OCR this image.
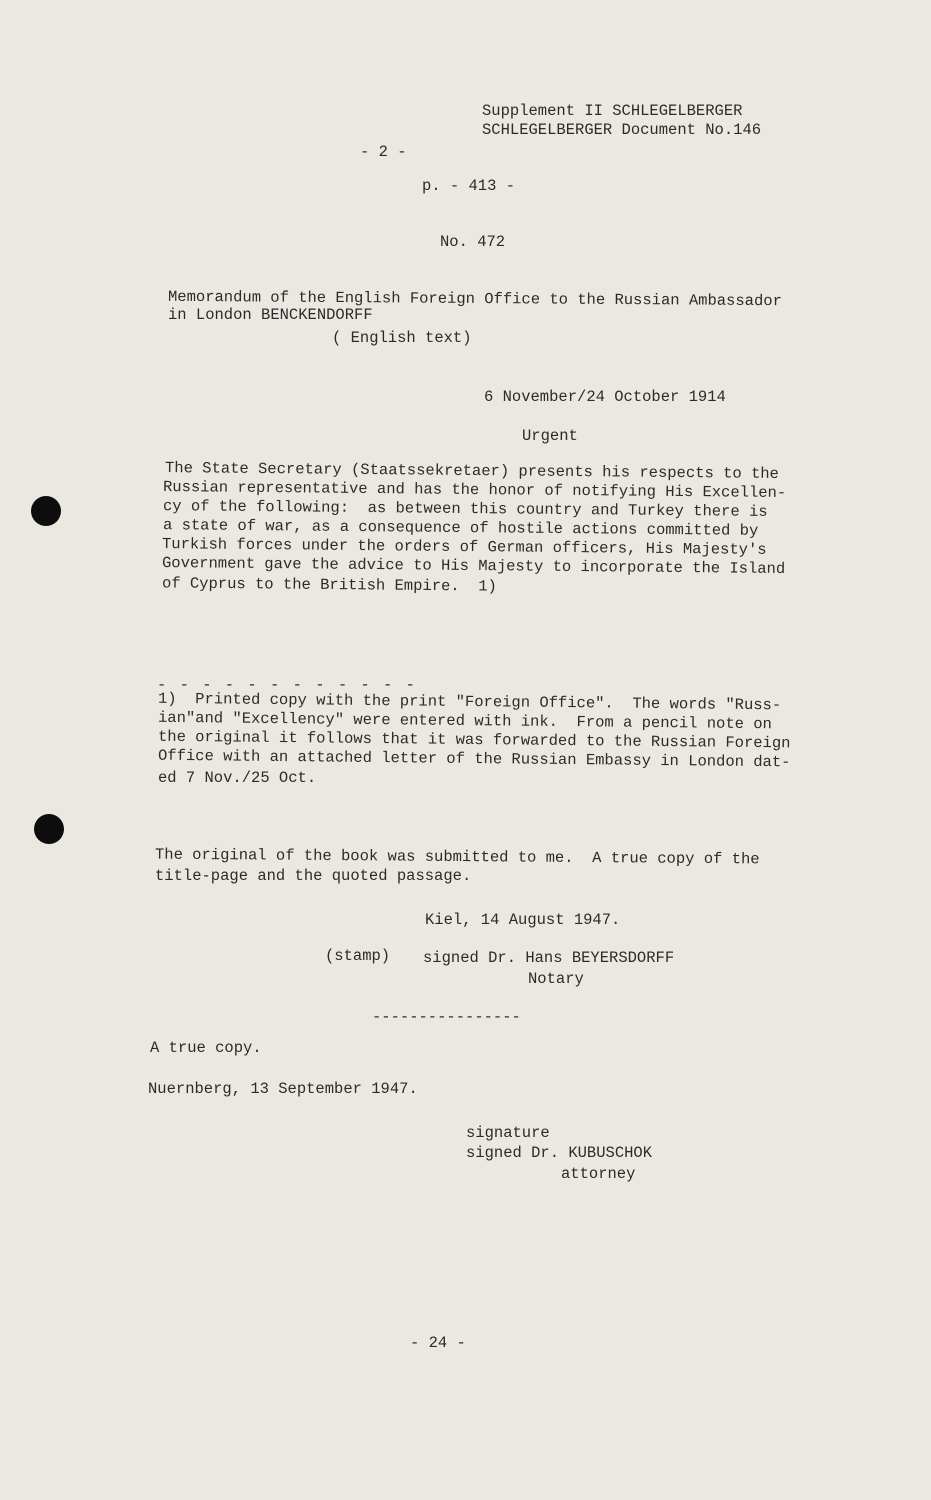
Supplement II SCHLEGELBERGER
SCHLEGELBERGER Document No.146
- 2 -
p. - 413 -
No. 472
Memorandum of the English Foreign Office to the Russian Ambassador
in London BENCKENDORFF
( English text)
6 November/24 October 1914
Urgent
The State Secretary (Staatssekretaer) presents his respects to the
Russian representative and has the honor of notifying His Excellen-
cy of the following:  as between this country and Turkey there is
a state of war, as a consequence of hostile actions committed by
Turkish forces under the orders of German officers, His Majesty's
Government gave the advice to His Majesty to incorporate the Island
of Cyprus to the British Empire.  1)
- - - - - - - - - - - -
1)  Printed copy with the print "Foreign Office".  The words "Russ-
ian"and "Excellency" were entered with ink.  From a pencil note on
the original it follows that it was forwarded to the Russian Foreign
Office with an attached letter of the Russian Embassy in London dat-
ed 7 Nov./25 Oct.
The original of the book was submitted to me.  A true copy of the
title-page and the quoted passage.
Kiel, 14 August 1947.
(stamp) signed Dr. Hans BEYERSDORFF
Notary
----------------
A true copy.
Nuernberg, 13 September 1947.
signature
signed Dr. KUBUSCHOK
attorney
- 24 -
